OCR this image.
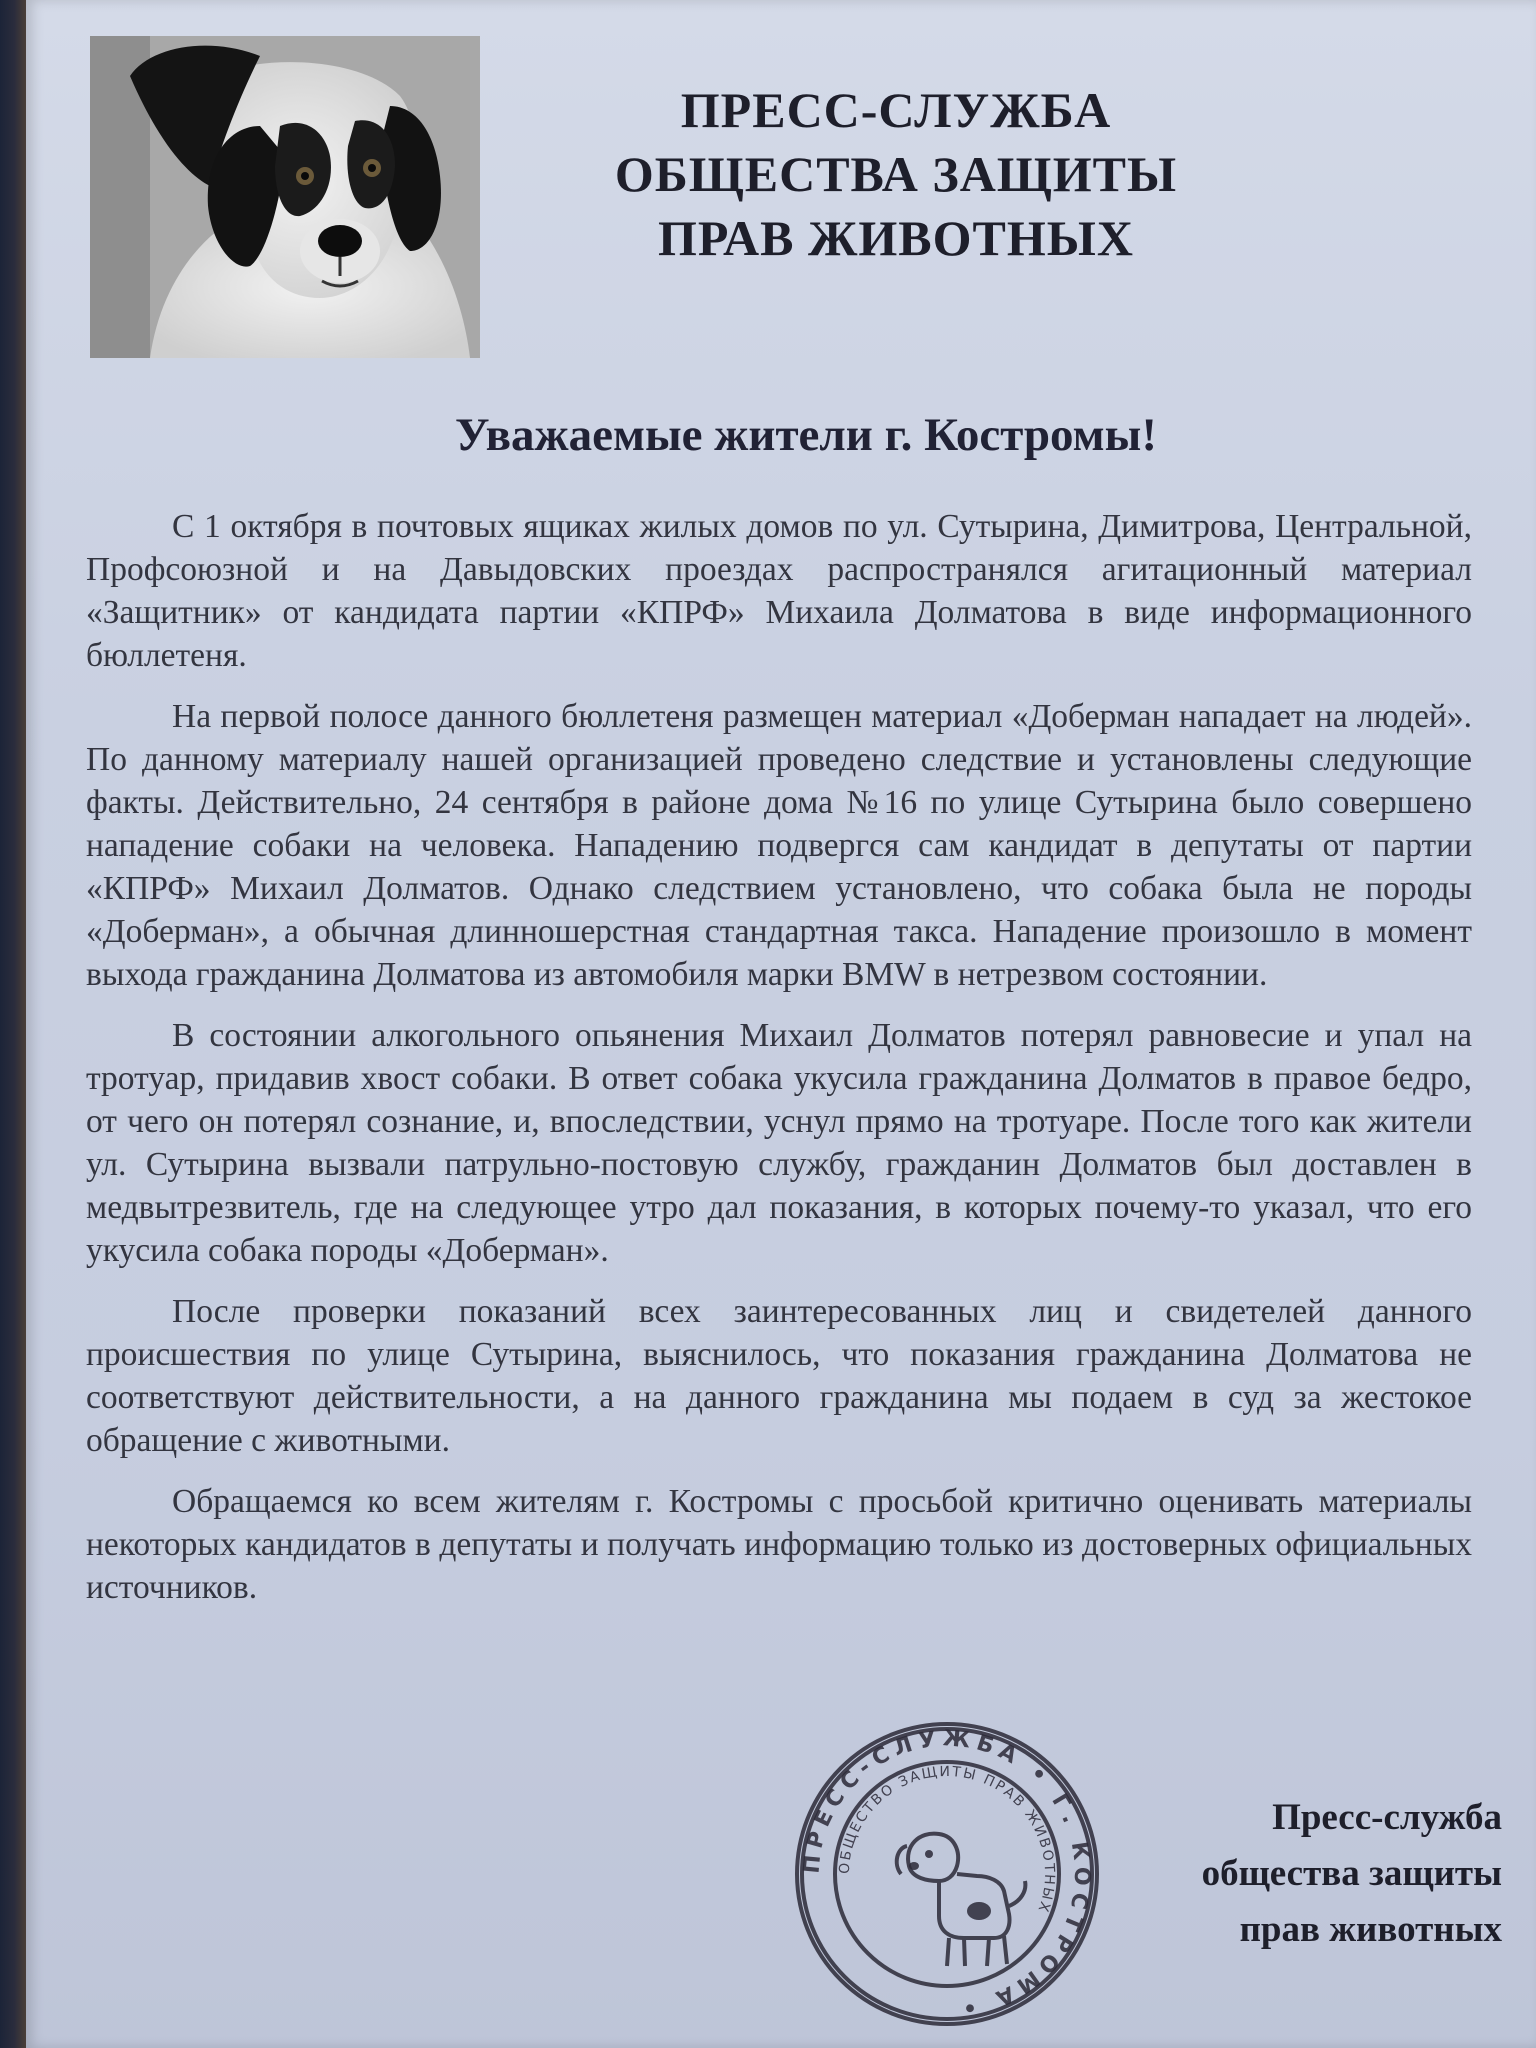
ПРЕСС-СЛУЖБА
ОБЩЕСТВА ЗАЩИТЫ
ПРАВ ЖИВОТНЫХ
Уважаемые жители г. Костромы!

С 1 октября в почтовых ящиках жилых домов по ул. Сутырина, Димитрова, Центральной, Профсоюзной и на Давыдовских проездах распространялся агитационный материал «Защитник» от кандидата партии «КПРФ» Михаила Долматова в виде информационного бюллетеня.

На первой полосе данного бюллетеня размещен материал «Доберман нападает на людей». По данному материалу нашей организацией проведено следствие и установлены следующие факты. Действительно, 24 сентября в районе дома №16 по улице Сутырина было совершено нападение собаки на человека. Нападению подвергся сам кандидат в депутаты от партии «КПРФ» Михаил Долматов. Однако следствием установлено, что собака была не породы «Доберман», а обычная длинношерстная стандартная такса. Нападение произошло в момент выхода гражданина Долматова из автомобиля марки BMW в нетрезвом состоянии.

В состоянии алкогольного опьянения Михаил Долматов потерял равновесие и упал на тротуар, придавив хвост собаки. В ответ собака укусила гражданина Долматов в правое бедро, от чего он потерял сознание, и, впоследствии, уснул прямо на тротуаре. После того как жители ул. Сутырина вызвали патрульно-постовую службу, гражданин Долматов был доставлен в медвытрезвитель, где на следующее утро дал показания, в которых почему-то указал, что его укусила собака породы «Доберман».

После проверки показаний всех заинтересованных лиц и свидетелей данного происшествия по улице Сутырина, выяснилось, что показания гражданина Долматова не соответствуют действительности, а на данного гражданина мы подаем в суд за жестокое обращение с животными.

Обращаемся ко всем жителям г. Костромы с просьбой критично оценивать материалы некоторых кандидатов в депутаты и получать информацию только из достоверных официальных источников.

ПРЕСС-СЛУЖБА • Г. КОСТРОМА •
ОБЩЕСТВО ЗАЩИТЫ ПРАВ ЖИВОТНЫХ
Пресс-служба
общества защиты
прав животных
